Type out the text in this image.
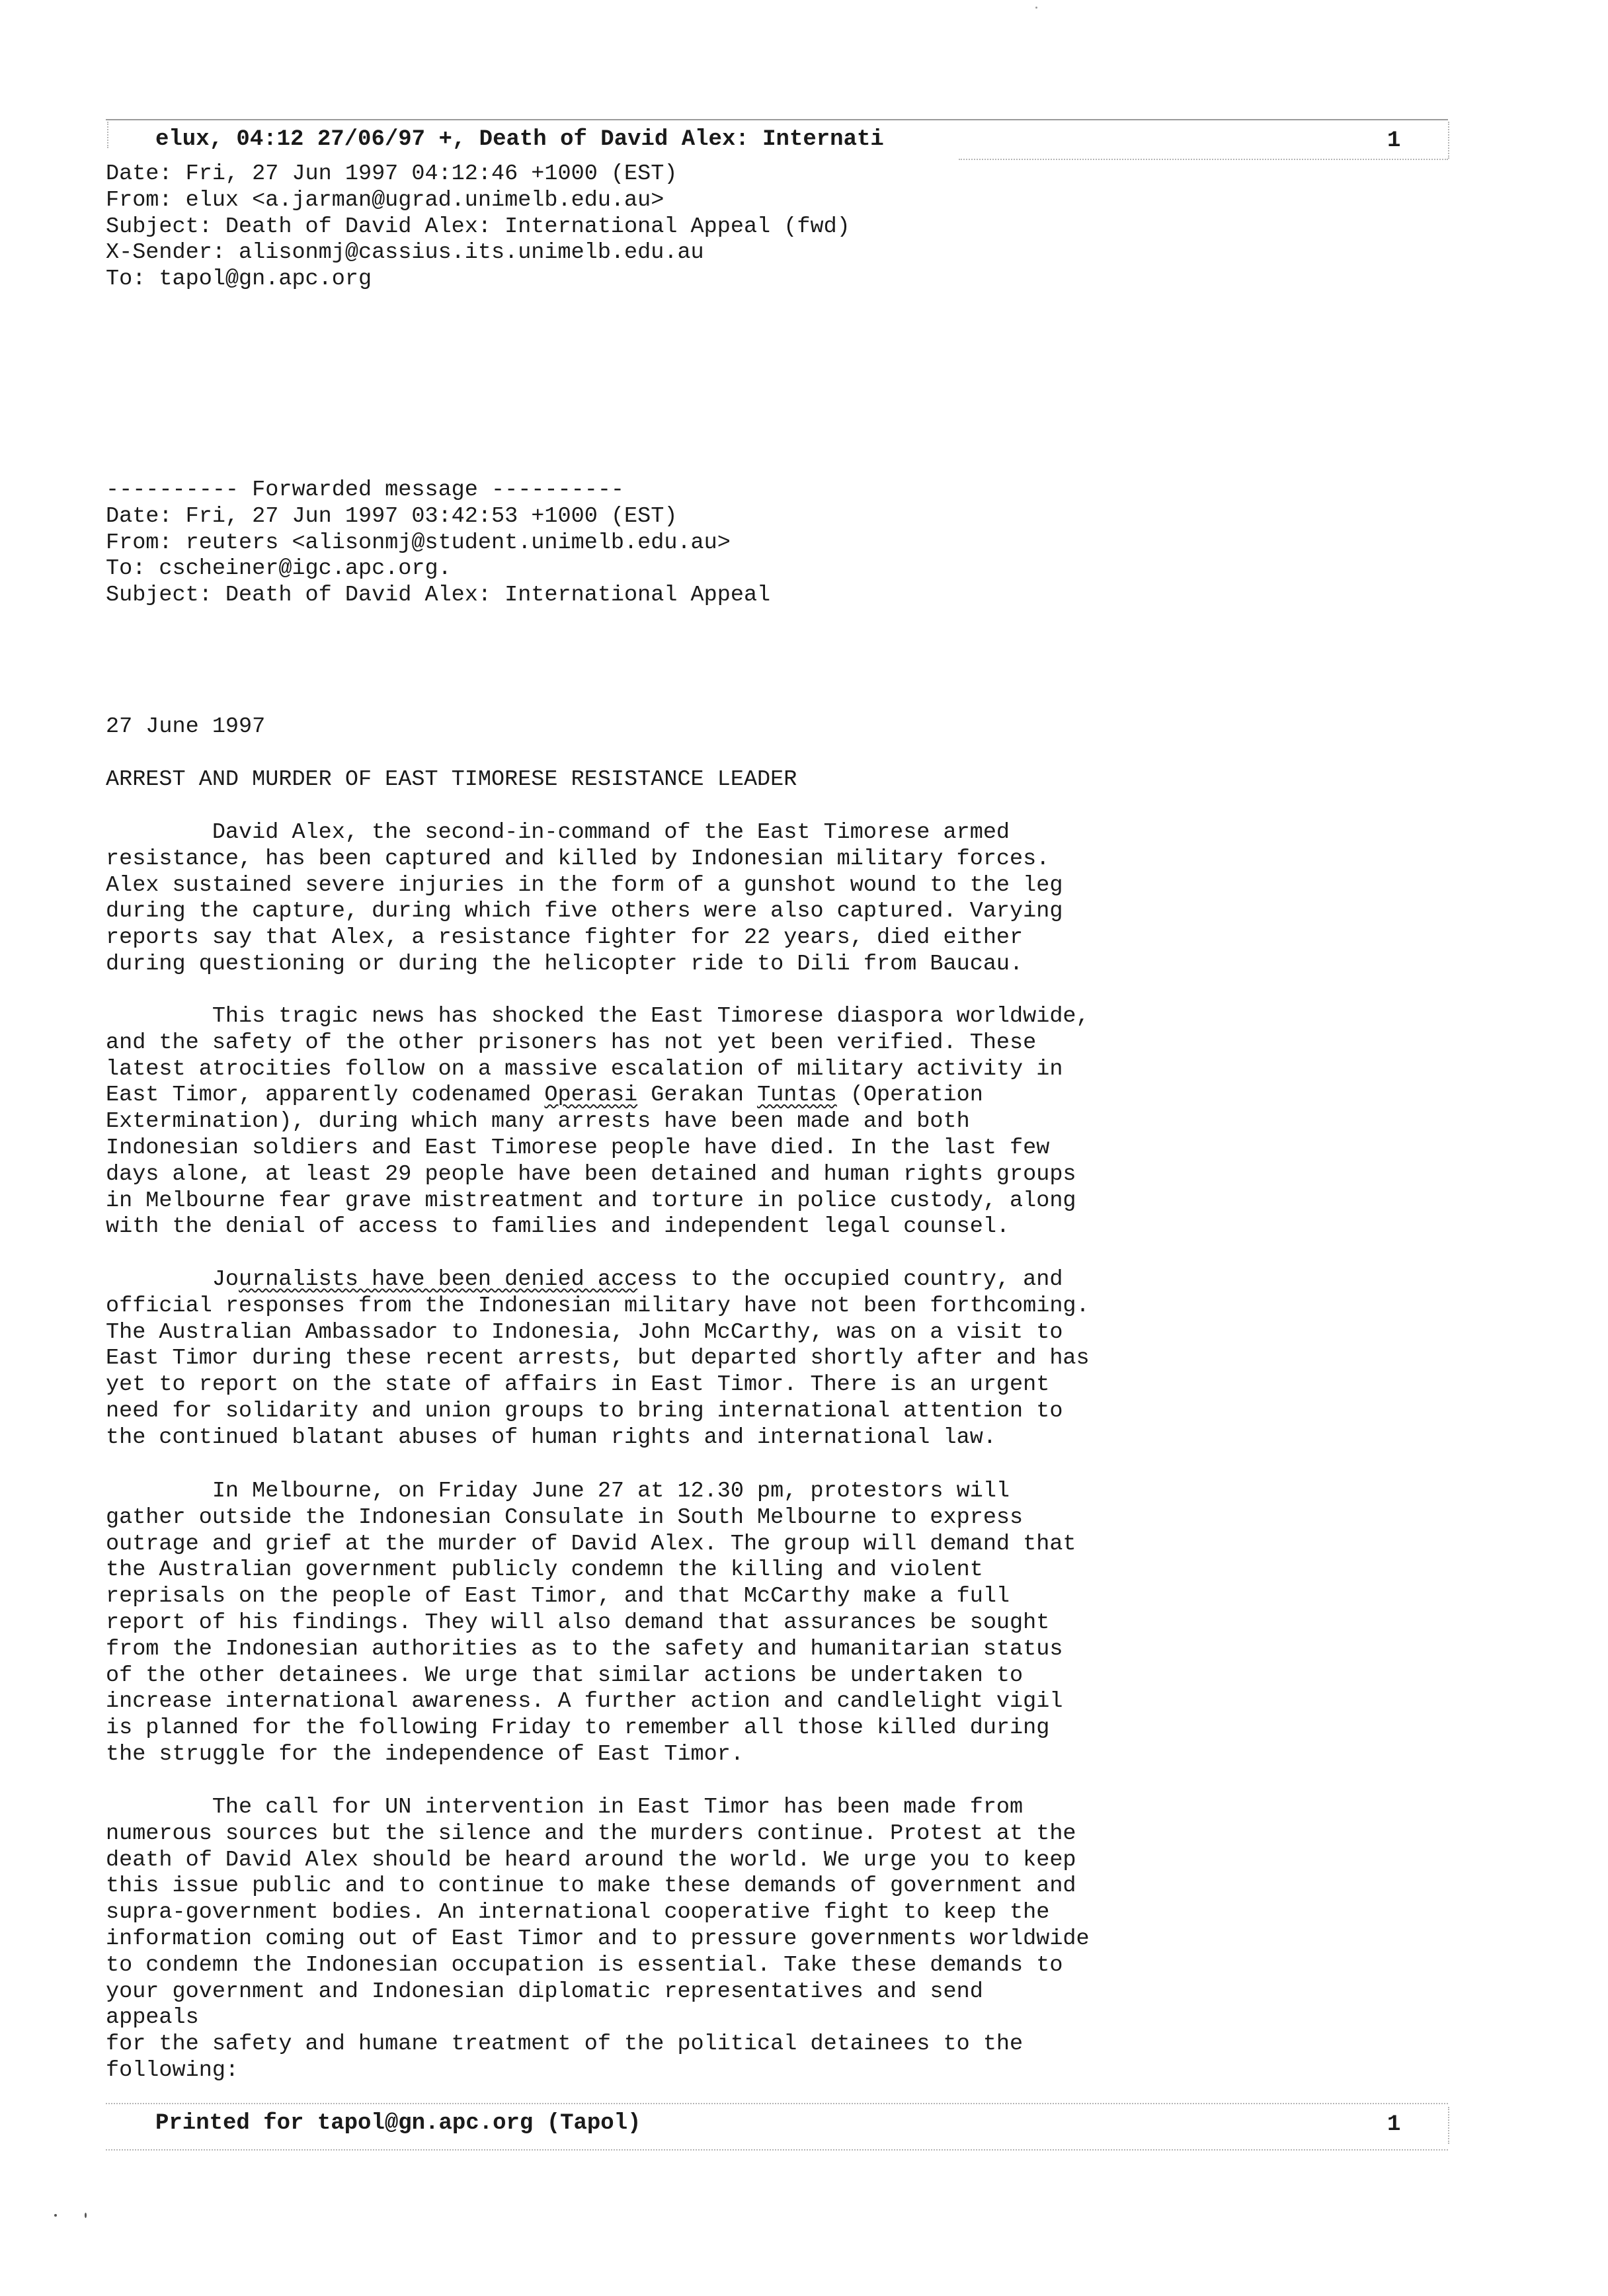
elux, 04:12 27/06/97 +, Death of David Alex: Internati	1
Date: Fri, 27 Jun 1997 04:12:46 +1000 (EST)
From: elux <a.jarman@ugrad.unimelb.edu.au>
Subject: Death of David Alex: International Appeal (fwd)
X-Sender: alisonmj@cassius.its.unimelb.edu.au
To: tapol@gn.apc.org
---------- Forwarded message ----------
Date: Fri, 27 Jun 1997 03:42:53 +1000 (EST)
From: reuters <alisonmj@student.unimelb.edu.au>
To: cscheiner@igc.apc.org.
Subject: Death of David Alex: International Appeal
27 June 1997
ARREST AND MURDER OF EAST TIMORESE RESISTANCE LEADER
David Alex, the second-in-command of the East Timorese armed
resistance, has been captured and killed by Indonesian military forces.
Alex sustained severe injuries in the form of a gunshot wound to the leg
during the capture, during which five others were also captured. Varying
reports say that Alex, a resistance fighter for 22 years, died either
during questioning or during the helicopter ride to Dili from Baucau.
This tragic news has shocked the East Timorese diaspora worldwide,
and the safety of the other prisoners has not yet been verified. These
latest atrocities follow on a massive escalation of military activity in
East Timor, apparently codenamed Operasi Gerakan Tuntas (Operation
Extermination), during which many arrests have been made and both
Indonesian soldiers and East Timorese people have died. In the last few
days alone, at least 29 people have been detained and human rights groups
in Melbourne fear grave mistreatment and torture in police custody, along
with the denial of access to families and independent legal counsel.
Journalists have been denied access to the occupied country, and
official responses from the Indonesian military have not been forthcoming.
The Australian Ambassador to Indonesia, John McCarthy, was on a visit to
East Timor during these recent arrests, but departed shortly after and has
yet to report on the state of affairs in East Timor. There is an urgent
need for solidarity and union groups to bring international attention to
the continued blatant abuses of human rights and international law.
In Melbourne, on Friday June 27 at 12.30 pm, protestors will
gather outside the Indonesian Consulate in South Melbourne to express
outrage and grief at the murder of David Alex. The group will demand that
the Australian government publicly condemn the killing and violent
reprisals on the people of East Timor, and that McCarthy make a full
report of his findings. They will also demand that assurances be sought
from the Indonesian authorities as to the safety and humanitarian status
of the other detainees. We urge that similar actions be undertaken to
increase international awareness. A further action and candlelight vigil
is planned for the following Friday to remember all those killed during
the struggle for the independence of East Timor.
The call for UN intervention in East Timor has been made from
numerous sources but the silence and the murders continue. Protest at the
death of David Alex should be heard around the world. We urge you to keep
this issue public and to continue to make these demands of government and
supra-government bodies. An international cooperative fight to keep the
information coming out of East Timor and to pressure governments worldwide
to condemn the Indonesian occupation is essential. Take these demands to
your government and Indonesian diplomatic representatives and send
appeals
for the safety and humane treatment of the political detainees to the
following:
Printed for tapol@gn.apc.org (Tapol)	1
